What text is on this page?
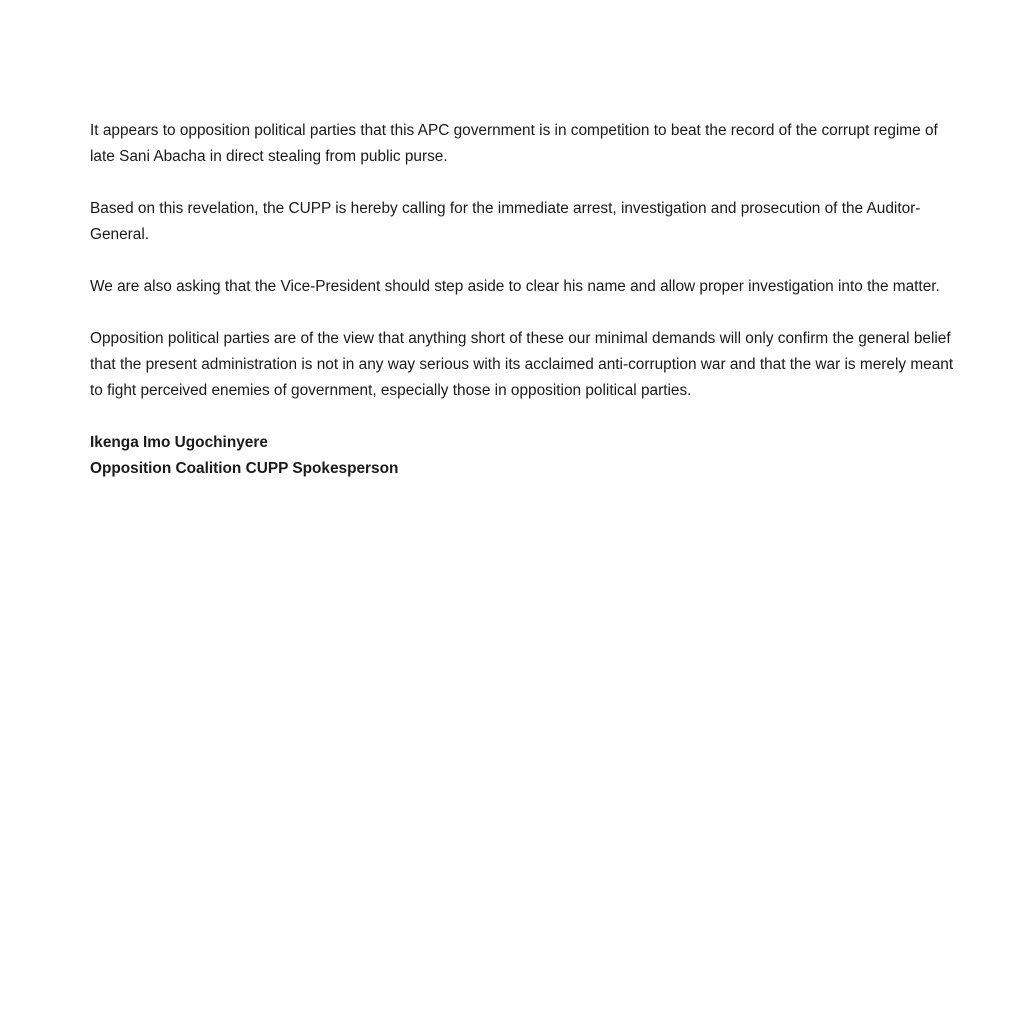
It appears to opposition political parties that this APC government is in competition to beat the record of the corrupt regime of late Sani Abacha in direct stealing from public purse.

Based on this revelation, the CUPP is hereby calling for the immediate arrest, investigation and prosecution of the Auditor-General.

We are also asking that the Vice-President should step aside to clear his name and allow proper investigation into the matter.

Opposition political parties are of the view that anything short of these our minimal demands will only confirm the general belief that the present administration is not in any way serious with its acclaimed anti-corruption war and that the war is merely meant to fight perceived enemies of government, especially those in opposition political parties.

Ikenga Imo Ugochinyere
Opposition Coalition CUPP Spokesperson
